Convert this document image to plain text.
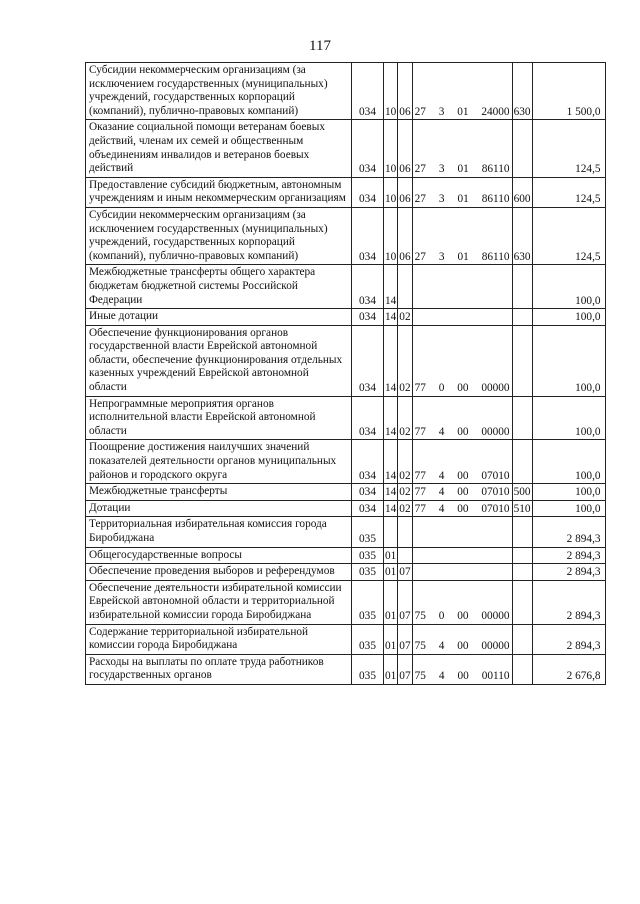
117
Субсидии некоммерческим организациям (за исключением государственных (муниципальных) учреждений, государственных корпораций (компаний), публично-правовых компаний)	034	10	06	27 3 01 24000	630	1 500,0
Оказание социальной помощи ветеранам боевых действий, членам их семей и общественным объединениям инвалидов и ветеранов боевых действий	034	10	06	27 3 01 86110		124,5
Предоставление субсидий бюджетным, автономным учреждениям и иным некоммерческим организациям	034	10	06	27 3 01 86110	600	124,5
Субсидии некоммерческим организациям (за исключением государственных (муниципальных) учреждений, государственных корпораций (компаний), публично-правовых компаний)	034	10	06	27 3 01 86110	630	124,5
Межбюджетные трансферты общего характера бюджетам бюджетной системы Российской Федерации	034	14				100,0
Иные дотации	034	14	02			100,0
Обеспечение функционирования органов государственной власти Еврейской автономной области, обеспечение функционирования отдельных казенных учреждений Еврейской автономной области	034	14	02	77 0 00 00000		100,0
Непрограммные мероприятия органов исполнительной власти Еврейской автономной области	034	14	02	77 4 00 00000		100,0
Поощрение достижения наилучших значений показателей деятельности органов муниципальных районов и городского округа	034	14	02	77 4 00 07010		100,0
Межбюджетные трансферты	034	14	02	77 4 00 07010	500	100,0
Дотации	034	14	02	77 4 00 07010	510	100,0
Территориальная избирательная комиссия города Биробиджана	035					2 894,3
Общегосударственные вопросы	035	01				2 894,3
Обеспечение проведения выборов и референдумов	035	01	07			2 894,3
Обеспечение деятельности избирательной комиссии Еврейской автономной области и территориальной избирательной комиссии города Биробиджана	035	01	07	75 0 00 00000		2 894,3
Содержание территориальной избирательной комиссии города Биробиджана	035	01	07	75 4 00 00000		2 894,3
Расходы на выплаты по оплате труда работников государственных органов	035	01	07	75 4 00 00110		2 676,8
